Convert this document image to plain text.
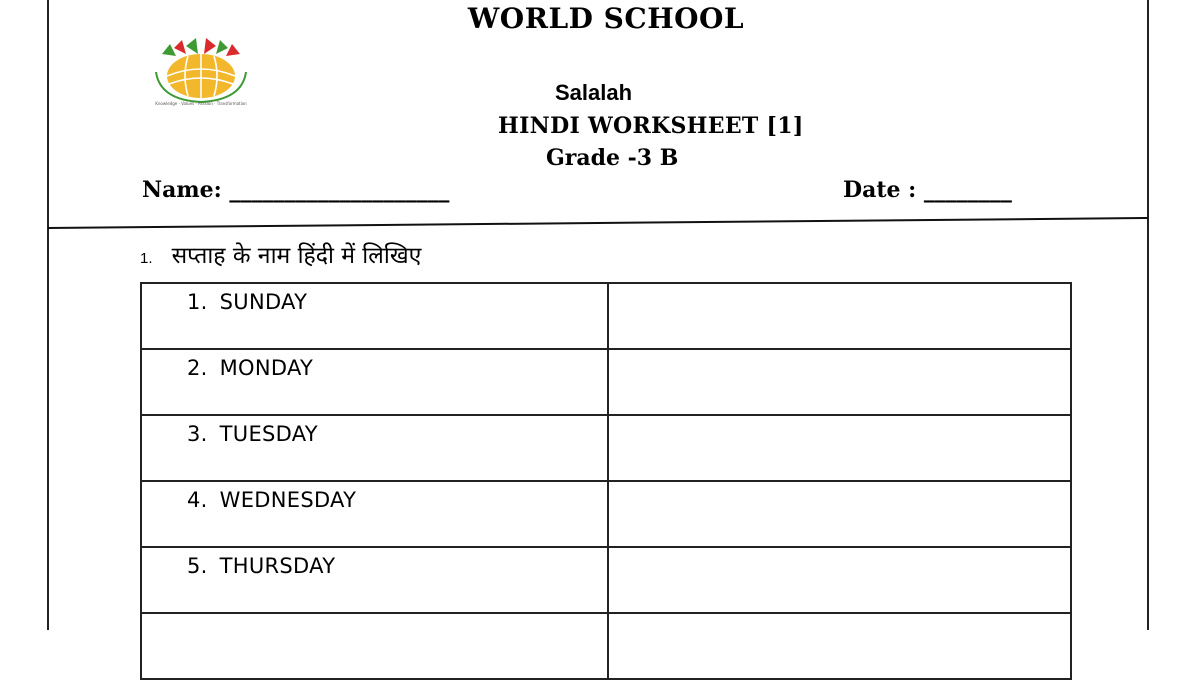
WORLD SCHOOL
Knowledge · Values · Passion · Transformation	Salalah
HINDI WORKSHEET [1]
Grade -3 B
Name: ____________________	Date : ________
1. सप्ताह के नाम हिंदी में लिखिए
1. SUNDAY	

2. MONDAY	

3. TUESDAY	

4. WEDNESDAY	

5. THURSDAY	
